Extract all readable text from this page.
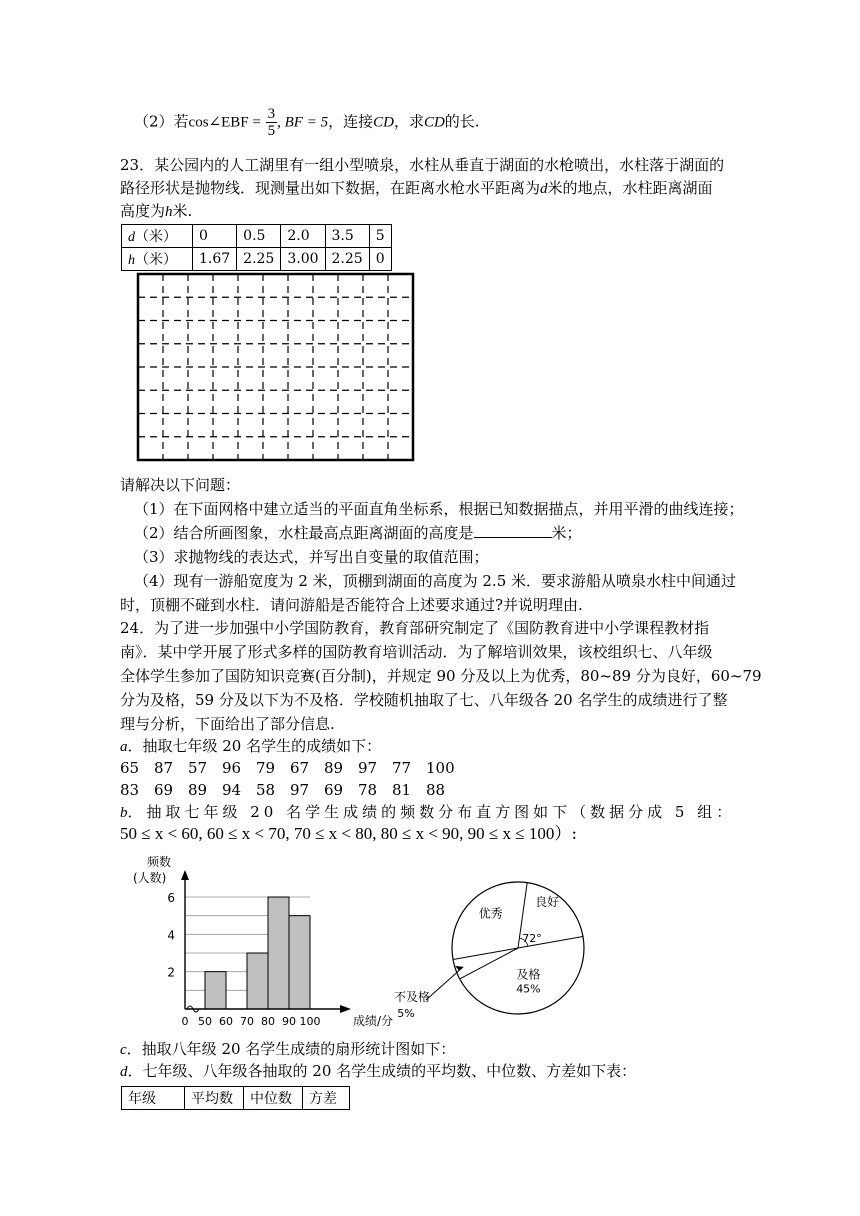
（2）若cos∠EBF = $\frac{3}{5}$ , BF = 5，连接CD，求CD的长.
23．某公园内的人工湖里有一组小型喷泉，水柱从垂直于湖面的水枪喷出，水柱落于湖面的
路径形状是抛物线．现测量出如下数据，在距离水枪水平距离为d米的地点，水柱距离湖面
高度为h米.
d（米）	0	0.5	2.0	3.5	5
h（米）	1.67	2.25	3.00	2.25	0
请解决以下问题：
（1）在下面网格中建立适当的平面直角坐标系，根据已知数据描点，并用平滑的曲线连接；
（2）结合所画图象，水柱最高点距离湖面的高度是	米；
（3）求抛物线的表达式，并写出自变量的取值范围；
（4）现有一游船宽度为 2 米，顶棚到湖面的高度为 2.5 米．要求游船从喷泉水柱中间通过
时，顶棚不碰到水柱．请问游船是否能符合上述要求通过?并说明理由.
24．为了进一步加强中小学国防教育，教育部研究制定了《国防教育进中小学课程教材指
南》．某中学开展了形式多样的国防教育培训活动．为了解培训效果，该校组织七、八年级
全体学生参加了国防知识竞赛(百分制)，并规定 90 分及以上为优秀，80~89 分为良好，60~79
分为及格，59 分及以下为不及格．学校随机抽取了七、八年级各 20 名学生的成绩进行了整
理与分析，下面给出了部分信息.
a．抽取七年级 20 名学生的成绩如下：
65 87 57 96 79 67 89 97 77 100
83 69 89 94 58 97 69 78 81 88
b．抽取七年级 20 名学生成绩的频数分布直方图如下（数据分成 5 组：
50 ≤ x < 60, 60 ≤ x < 70, 70 ≤ x < 80, 80 ≤ x < 90, 90 ≤ x ≤ 100）:
2
4
6
0 50 60 70 80 90 100	成绩/分
频数
(人数)
良好
72°
及格
45%
不及格
5%
优秀
c．抽取八年级 20 名学生成绩的扇形统计图如下：
d．七年级、八年级各抽取的 20 名学生成绩的平均数、中位数、方差如下表：
年级	平均数	中位数	方差
